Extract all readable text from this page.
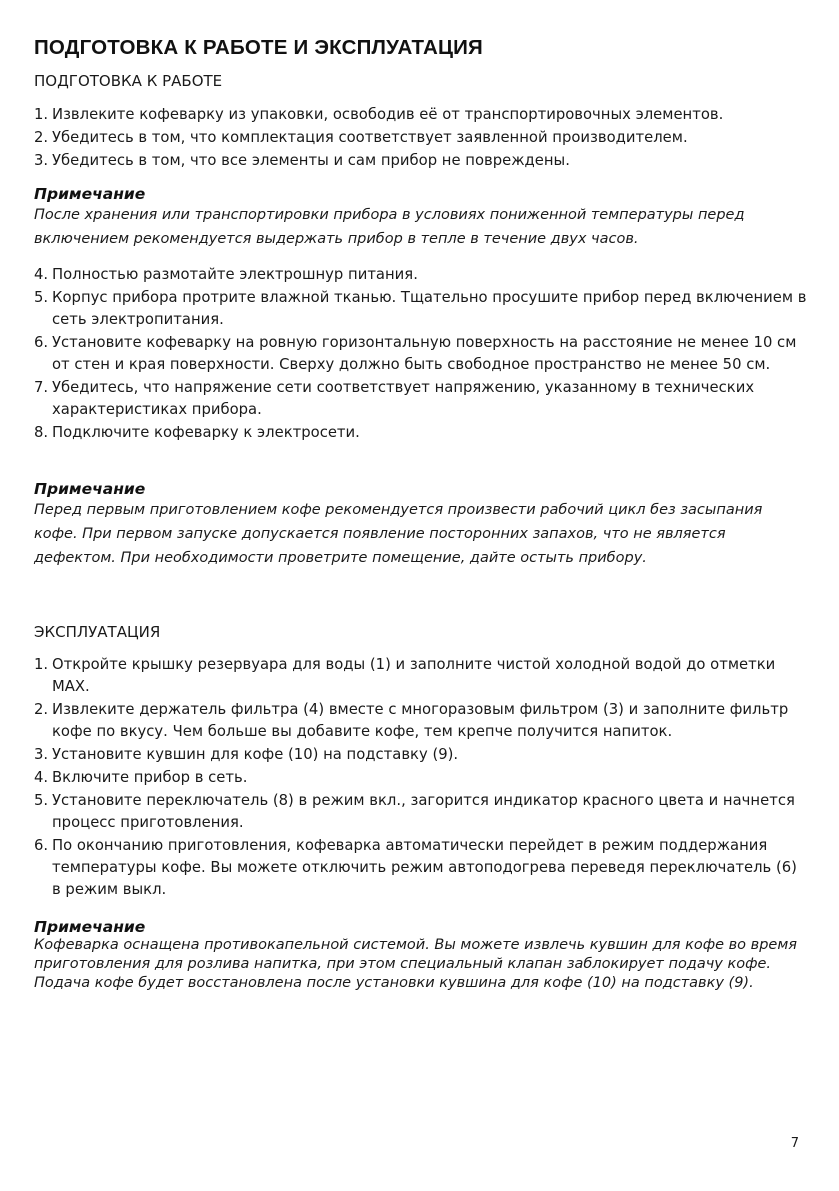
ПОДГОТОВКА К РАБОТЕ И ЭКСПЛУАТАЦИЯ
ПОДГОТОВКА К РАБОТЕ
1. Извлеките кофеварку из упаковки, освободив её от транспортировочных элементов.
2. Убедитесь в том, что комплектация соответствует заявленной производителем.
3. Убедитесь в том, что все элементы и сам прибор не повреждены.

Примечание

После хранения или транспортировки прибора в условиях пониженной температуры перед включением рекомендуется выдержать прибор в тепле в течение двух часов.

4. Полностью размотайте электрошнур питания.
5. Корпус прибора протрите влажной тканью. Тщательно просушите прибор перед включением в сеть электропитания.
6. Установите кофеварку на ровную горизонтальную поверхность на расстояние не менее 10 см от стен и края поверхности. Сверху должно быть свободное пространство не менее 50 см.
7. Убедитесь, что напряжение сети соответствует напряжению, указанному в технических характеристиках прибора.
8. Подключите кофеварку к электросети.

Примечание

Перед первым приготовлением кофе рекомендуется произвести рабочий цикл без засыпания кофе. При первом запуске допускается появление посторонних запахов, что не является дефектом. При необходимости проветрите помещение, дайте остыть прибору.

ЭКСПЛУАТАЦИЯ
1. Откройте крышку резервуара для воды (1) и заполните чистой холодной водой до отметки MAX.
2. Извлеките держатель фильтра (4) вместе с многоразовым фильтром (3) и заполните фильтр кофе по вкусу. Чем больше вы добавите кофе, тем крепче получится напиток.
3. Установите кувшин для кофе (10) на подставку (9).
4. Включите прибор в сеть.
5. Установите переключатель (8) в режим вкл., загорится индикатор красного цвета и начнется процесс приготовления.
6. По окончанию приготовления, кофеварка автоматически перейдет в режим поддержания температуры кофе. Вы можете отключить режим автоподогрева переведя переключатель (6) в режим выкл.

Примечание

Кофеварка оснащена противокапельной системой. Вы можете извлечь кувшин для кофе во время приготовления для розлива напитка, при этом специальный клапан заблокирует подачу кофе.

Подача кофе будет восстановлена после установки кувшина для кофе (10) на подставку (9).

7
